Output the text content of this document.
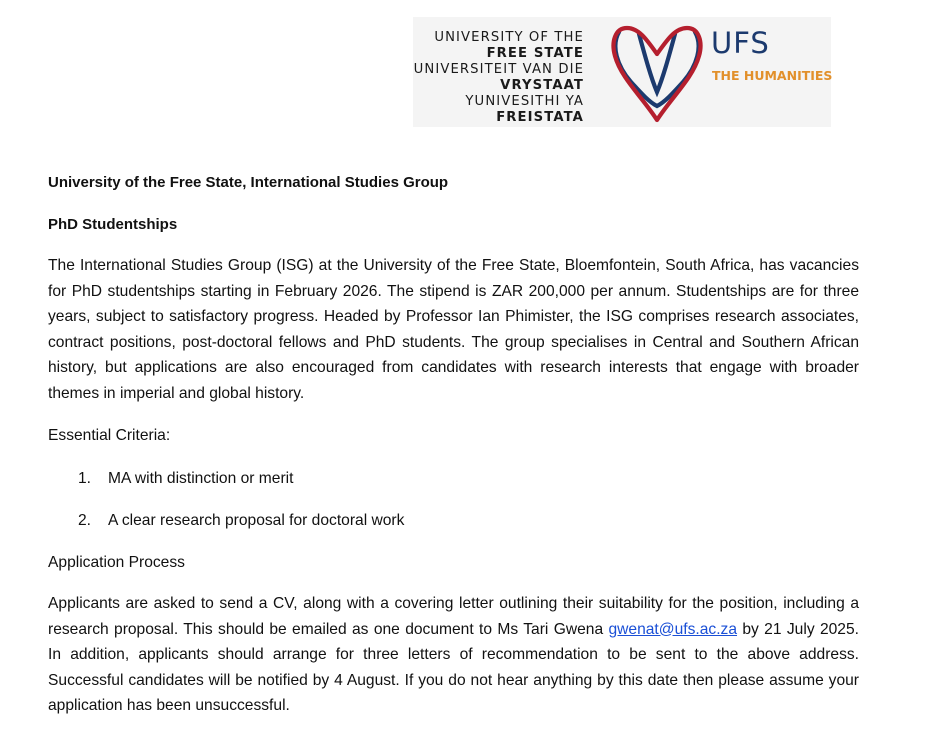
UNIVERSITY OF THE
FREE STATE
UNIVERSITEIT VAN DIE
VRYSTAAT
YUNIVESITHI YA
FREISTATA
UFS
THE HUMANITIES
University of the Free State, International Studies Group
PhD Studentships

The International Studies Group (ISG) at the University of the Free State, Bloemfontein, South Africa, has vacancies for PhD studentships starting in February 2026. The stipend is ZAR 200,000 per annum. Studentships are for three years, subject to satisfactory progress. Headed by Professor Ian Phimister, the ISG comprises research associates, contract positions, post-doctoral fellows and PhD students. The group specialises in Central and Southern African history, but applications are also encouraged from candidates with research interests that engage with broader themes in imperial and global history.

Essential Criteria:
1. MA with distinction or merit
2. A clear research proposal for doctoral work
Application Process

Applicants are asked to send a CV, along with a covering letter outlining their suitability for the position, including a research proposal. This should be emailed as one document to Ms Tari Gwena gwenat@ufs.ac.za by 21 July 2025. In addition, applicants should arrange for three letters of recommendation to be sent to the above address. Successful candidates will be notified by 4 August. If you do not hear anything by this date then please assume your application has been unsuccessful.
